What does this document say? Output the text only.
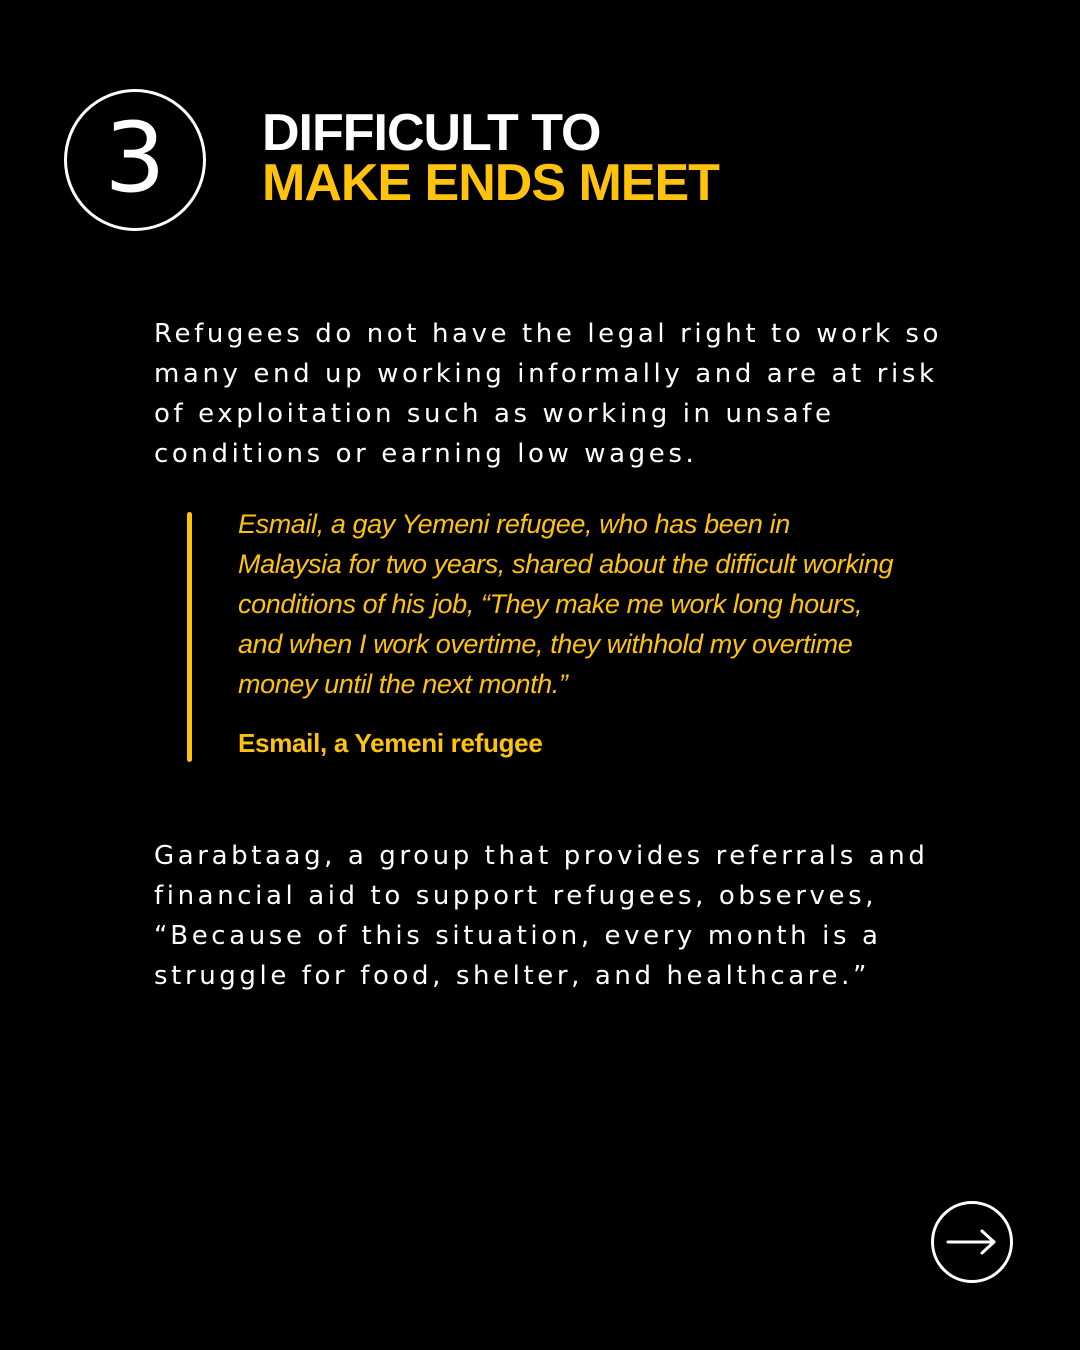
3 DIFFICULT TO
MAKE ENDS MEET

Refugees do not have the legal right to work so many end up working informally and are at risk of exploitation such as working in unsafe conditions or earning low wages.

Esmail, a gay Yemeni refugee, who has been in Malaysia for two years, shared about the difficult working conditions of his job, “They make me work long hours, and when I work overtime, they withhold my overtime money until the next month.”

Esmail, a Yemeni refugee

Garabtaag, a group that provides referrals and financial aid to support refugees, observes, “Because of this situation, every month is a struggle for food, shelter, and healthcare.”
